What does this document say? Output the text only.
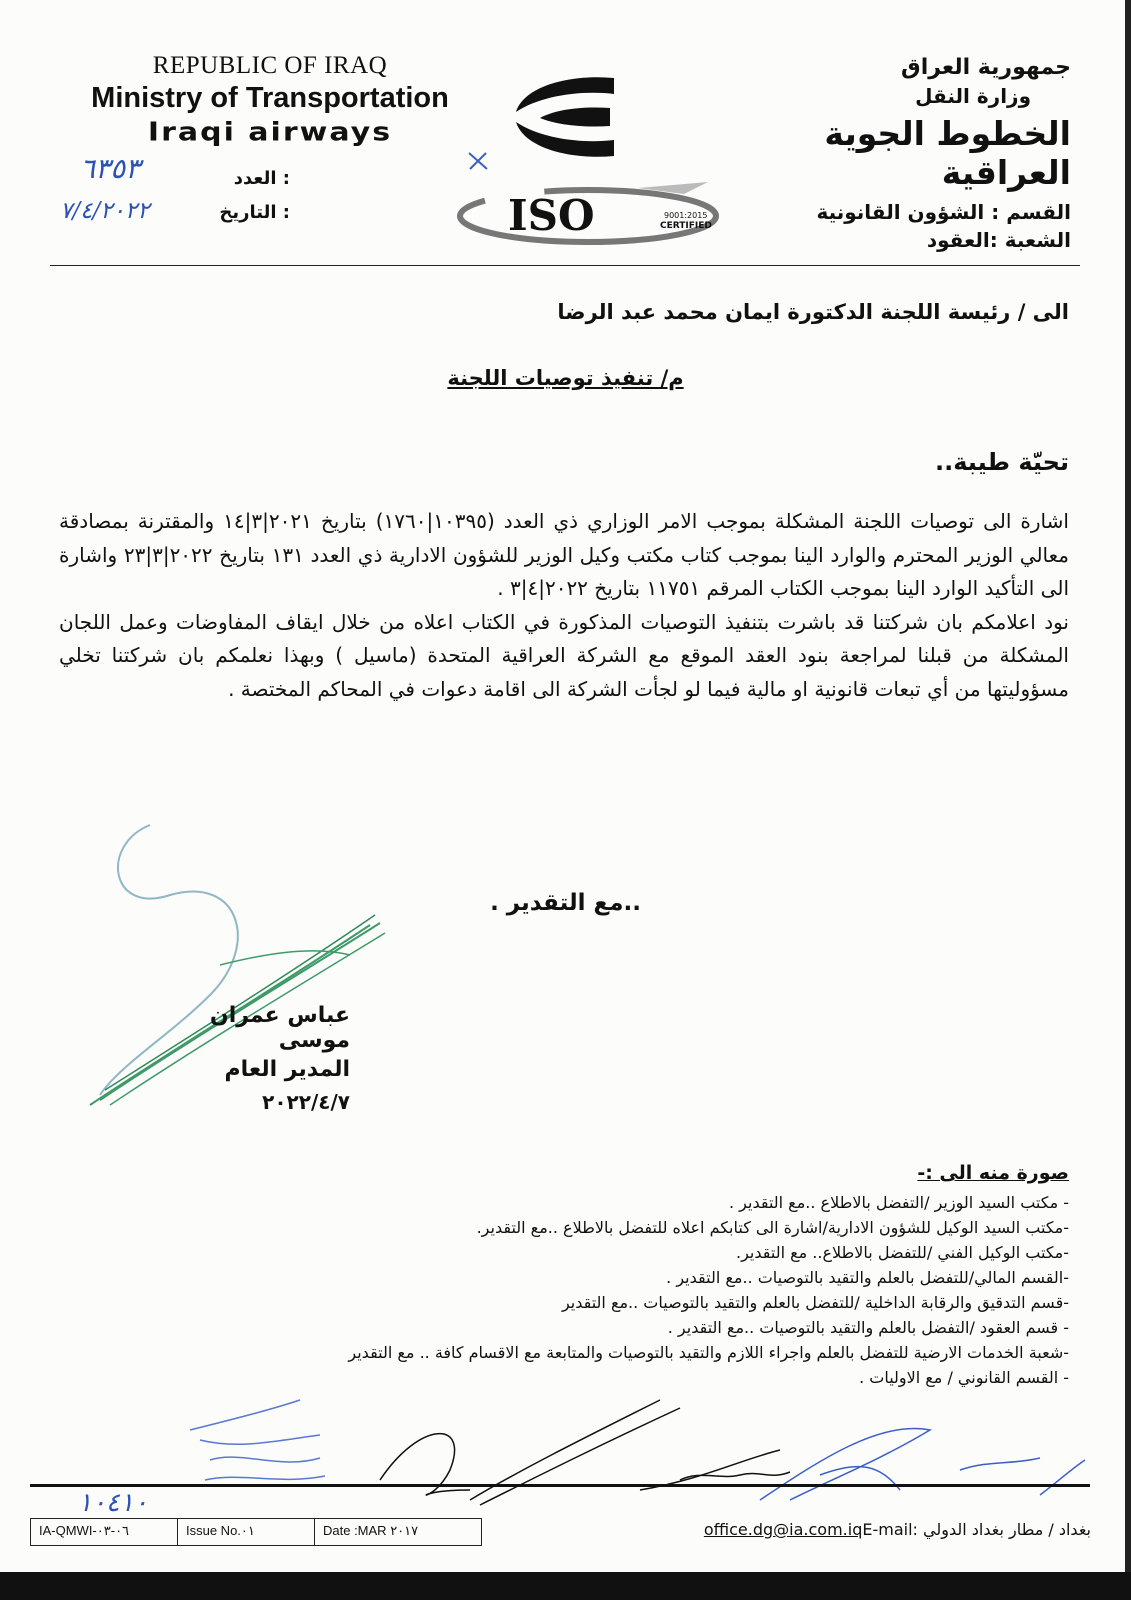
REPUBLIC OF IRAQ
Ministry of Transportation
Iraqi airways
٦٣٥٣	العدد :
٧/٤/٢٠٢٢	التاريخ :	ISO	9001:2015
CERTIFIED
جمهورية العراق
وزارة النقل
الخطوط الجوية العراقية
القسم : الشؤون القانونية
الشعبة :العقود
الى / رئيسة اللجنة الدكتورة ايمان محمد عبد الرضا
م/ تنفيذ توصيات اللجنة
تحيّة طيبة..

اشارة الى توصيات اللجنة المشكلة بموجب الامر الوزاري ذي العدد (١٠٣٩٥|١٧٦٠) بتاريخ ٢٠٢١|٣|١٤ والمقترنة بمصادقة معالي الوزير المحترم والوارد الينا بموجب كتاب مكتب وكيل الوزير للشؤون الادارية ذي العدد ١٣١ بتاريخ ٢٠٢٢|٣|٢٣ واشارة الى التأكيد الوارد الينا بموجب الكتاب المرقم ١١٧٥١ بتاريخ ٢٠٢٢|٤|٣ .

نود اعلامكم بان شركتنا قد باشرت بتنفيذ التوصيات المذكورة في الكتاب اعلاه من خلال ايقاف المفاوضات وعمل اللجان المشكلة من قبلنا لمراجعة بنود العقد الموقع مع الشركة العراقية المتحدة (ماسيل ) وبهذا نعلمكم بان شركتنا تخلي مسؤوليتها من أي تبعات قانونية او مالية فيما لو لجأت الشركة الى اقامة دعوات في المحاكم المختصة .

..مع التقدير .
عباس عمران موسى
المدير العام
٢٠٢٢/٤/٧
صورة منه الى :-
- مكتب السيد الوزير /التفضل بالاطلاع ..مع التقدير .
-مكتب السيد الوكيل للشؤون الادارية/اشارة الى كتابكم اعلاه للتفضل بالاطلاع ..مع التقدير.
-مكتب الوكيل الفني /للتفضل بالاطلاع.. مع التقدير.
-القسم المالي/للتفضل بالعلم والتقيد بالتوصيات ..مع التقدير .
-قسم التدقيق والرقابة الداخلية /للتفضل بالعلم والتقيد بالتوصيات ..مع التقدير
- قسم العقود /التفضل بالعلم والتقيد بالتوصيات ..مع التقدير .
-شعبة الخدمات الارضية للتفضل بالعلم واجراء اللازم والتقيد بالتوصيات والمتابعة مع الاقسام كافة .. مع التقدير
- القسم القانوني / مع الاوليات .
١٠٤١٠
IA-QMWI-٠٦-٠٣	Issue No.٠١	Date :MAR ٢٠١٧	بغداد / مطار بغداد الدولي E-mail:office.dg@ia.com.iq
